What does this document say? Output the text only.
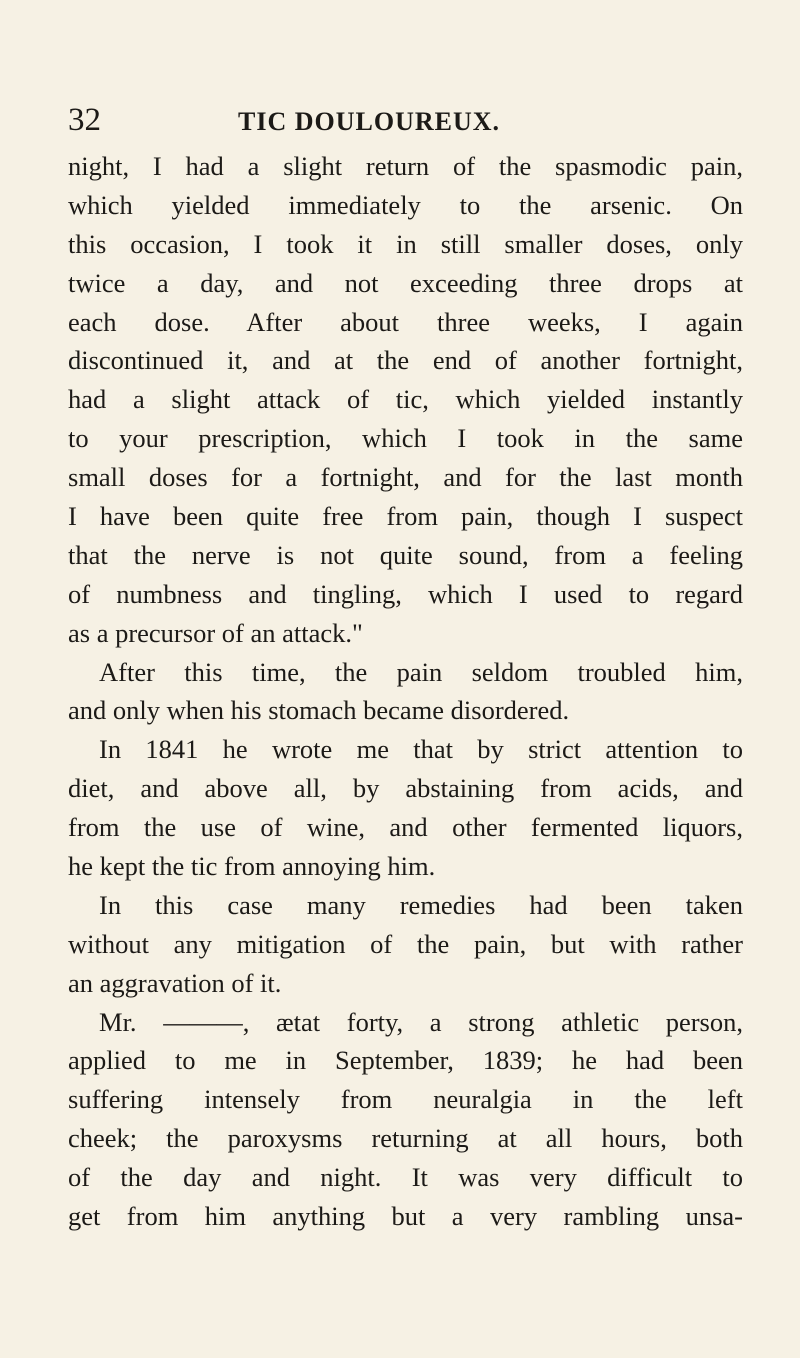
32	TIC DOULOUREUX.
night, I had a slight return of the spasmodic pain,
which yielded immediately to the arsenic. On
this occasion, I took it in still smaller doses, only
twice a day, and not exceeding three drops at
each dose. After about three weeks, I again
discontinued it, and at the end of another fortnight,
had a slight attack of tic, which yielded instantly
to your prescription, which I took in the same
small doses for a fortnight, and for the last month
I have been quite free from pain, though I suspect
that the nerve is not quite sound, from a feeling
of numbness and tingling, which I used to regard
as a precursor of an attack."
After this time, the pain seldom troubled him,
and only when his stomach became disordered.
In 1841 he wrote me that by strict attention to
diet, and above all, by abstaining from acids, and
from the use of wine, and other fermented liquors,
he kept the tic from annoying him.
In this case many remedies had been taken
without any mitigation of the pain, but with rather
an aggravation of it.
Mr. ———, ætat forty, a strong athletic person,
applied to me in September, 1839; he had been
suffering intensely from neuralgia in the left
cheek; the paroxysms returning at all hours, both
of the day and night. It was very difficult to
get from him anything but a very rambling unsa-
